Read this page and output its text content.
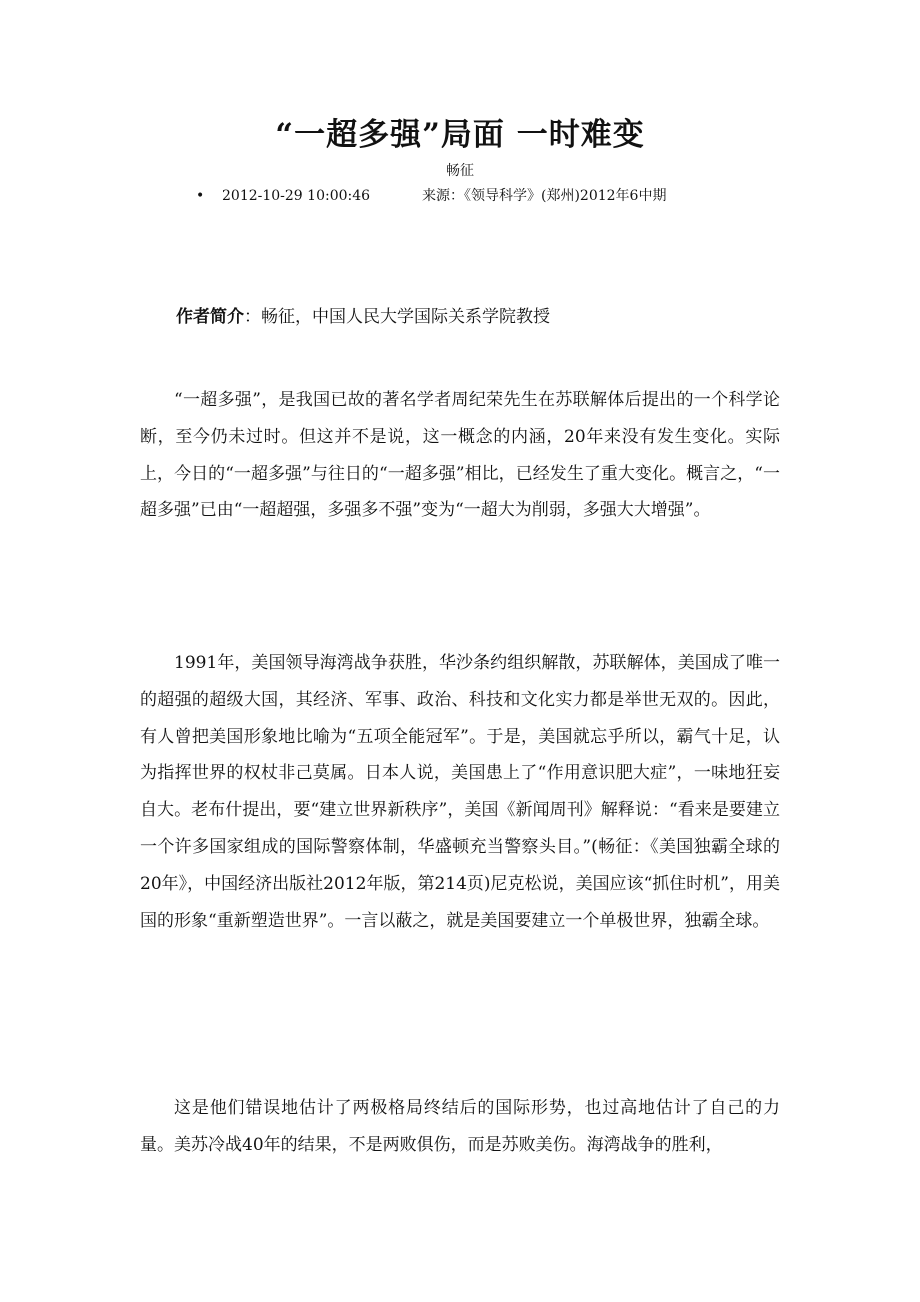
“一超多强”局面 一时难变
畅征
• 2012-10-29 10:00:46	来源：《领导科学》(郑州)2012年6中期
作者简介：畅征，中国人民大学国际关系学院教授

“一超多强”，是我国已故的著名学者周纪荣先生在苏联解体后提出的一个科学论断，至今仍未过时。但这并不是说，这一概念的内涵，20年来没有发生变化。实际上，今日的“一超多强”与往日的“一超多强”相比，已经发生了重大变化。概言之，“一超多强”已由“一超超强，多强多不强”变为“一超大为削弱，多强大大增强”。

1991年，美国领导海湾战争获胜，华沙条约组织解散，苏联解体，美国成了唯一的超强的超级大国，其经济、军事、政治、科技和文化实力都是举世无双的。因此，有人曾把美国形象地比喻为“五项全能冠军”。于是，美国就忘乎所以，霸气十足，认为指挥世界的权杖非己莫属。日本人说，美国患上了“作用意识肥大症”，一味地狂妄自大。老布什提出，要“建立世界新秩序”，美国《新闻周刊》解释说：“看来是要建立一个许多国家组成的国际警察体制，华盛顿充当警察头目。”(畅征：《美国独霸全球的20年》，中国经济出版社2012年版，第214页)尼克松说，美国应该“抓住时机”，用美国的形象“重新塑造世界”。一言以蔽之，就是美国要建立一个单极世界，独霸全球。

这是他们错误地估计了两极格局终结后的国际形势，也过高地估计了自己的力量。美苏冷战40年的结果，不是两败俱伤，而是苏败美伤。海湾战争的胜利，
